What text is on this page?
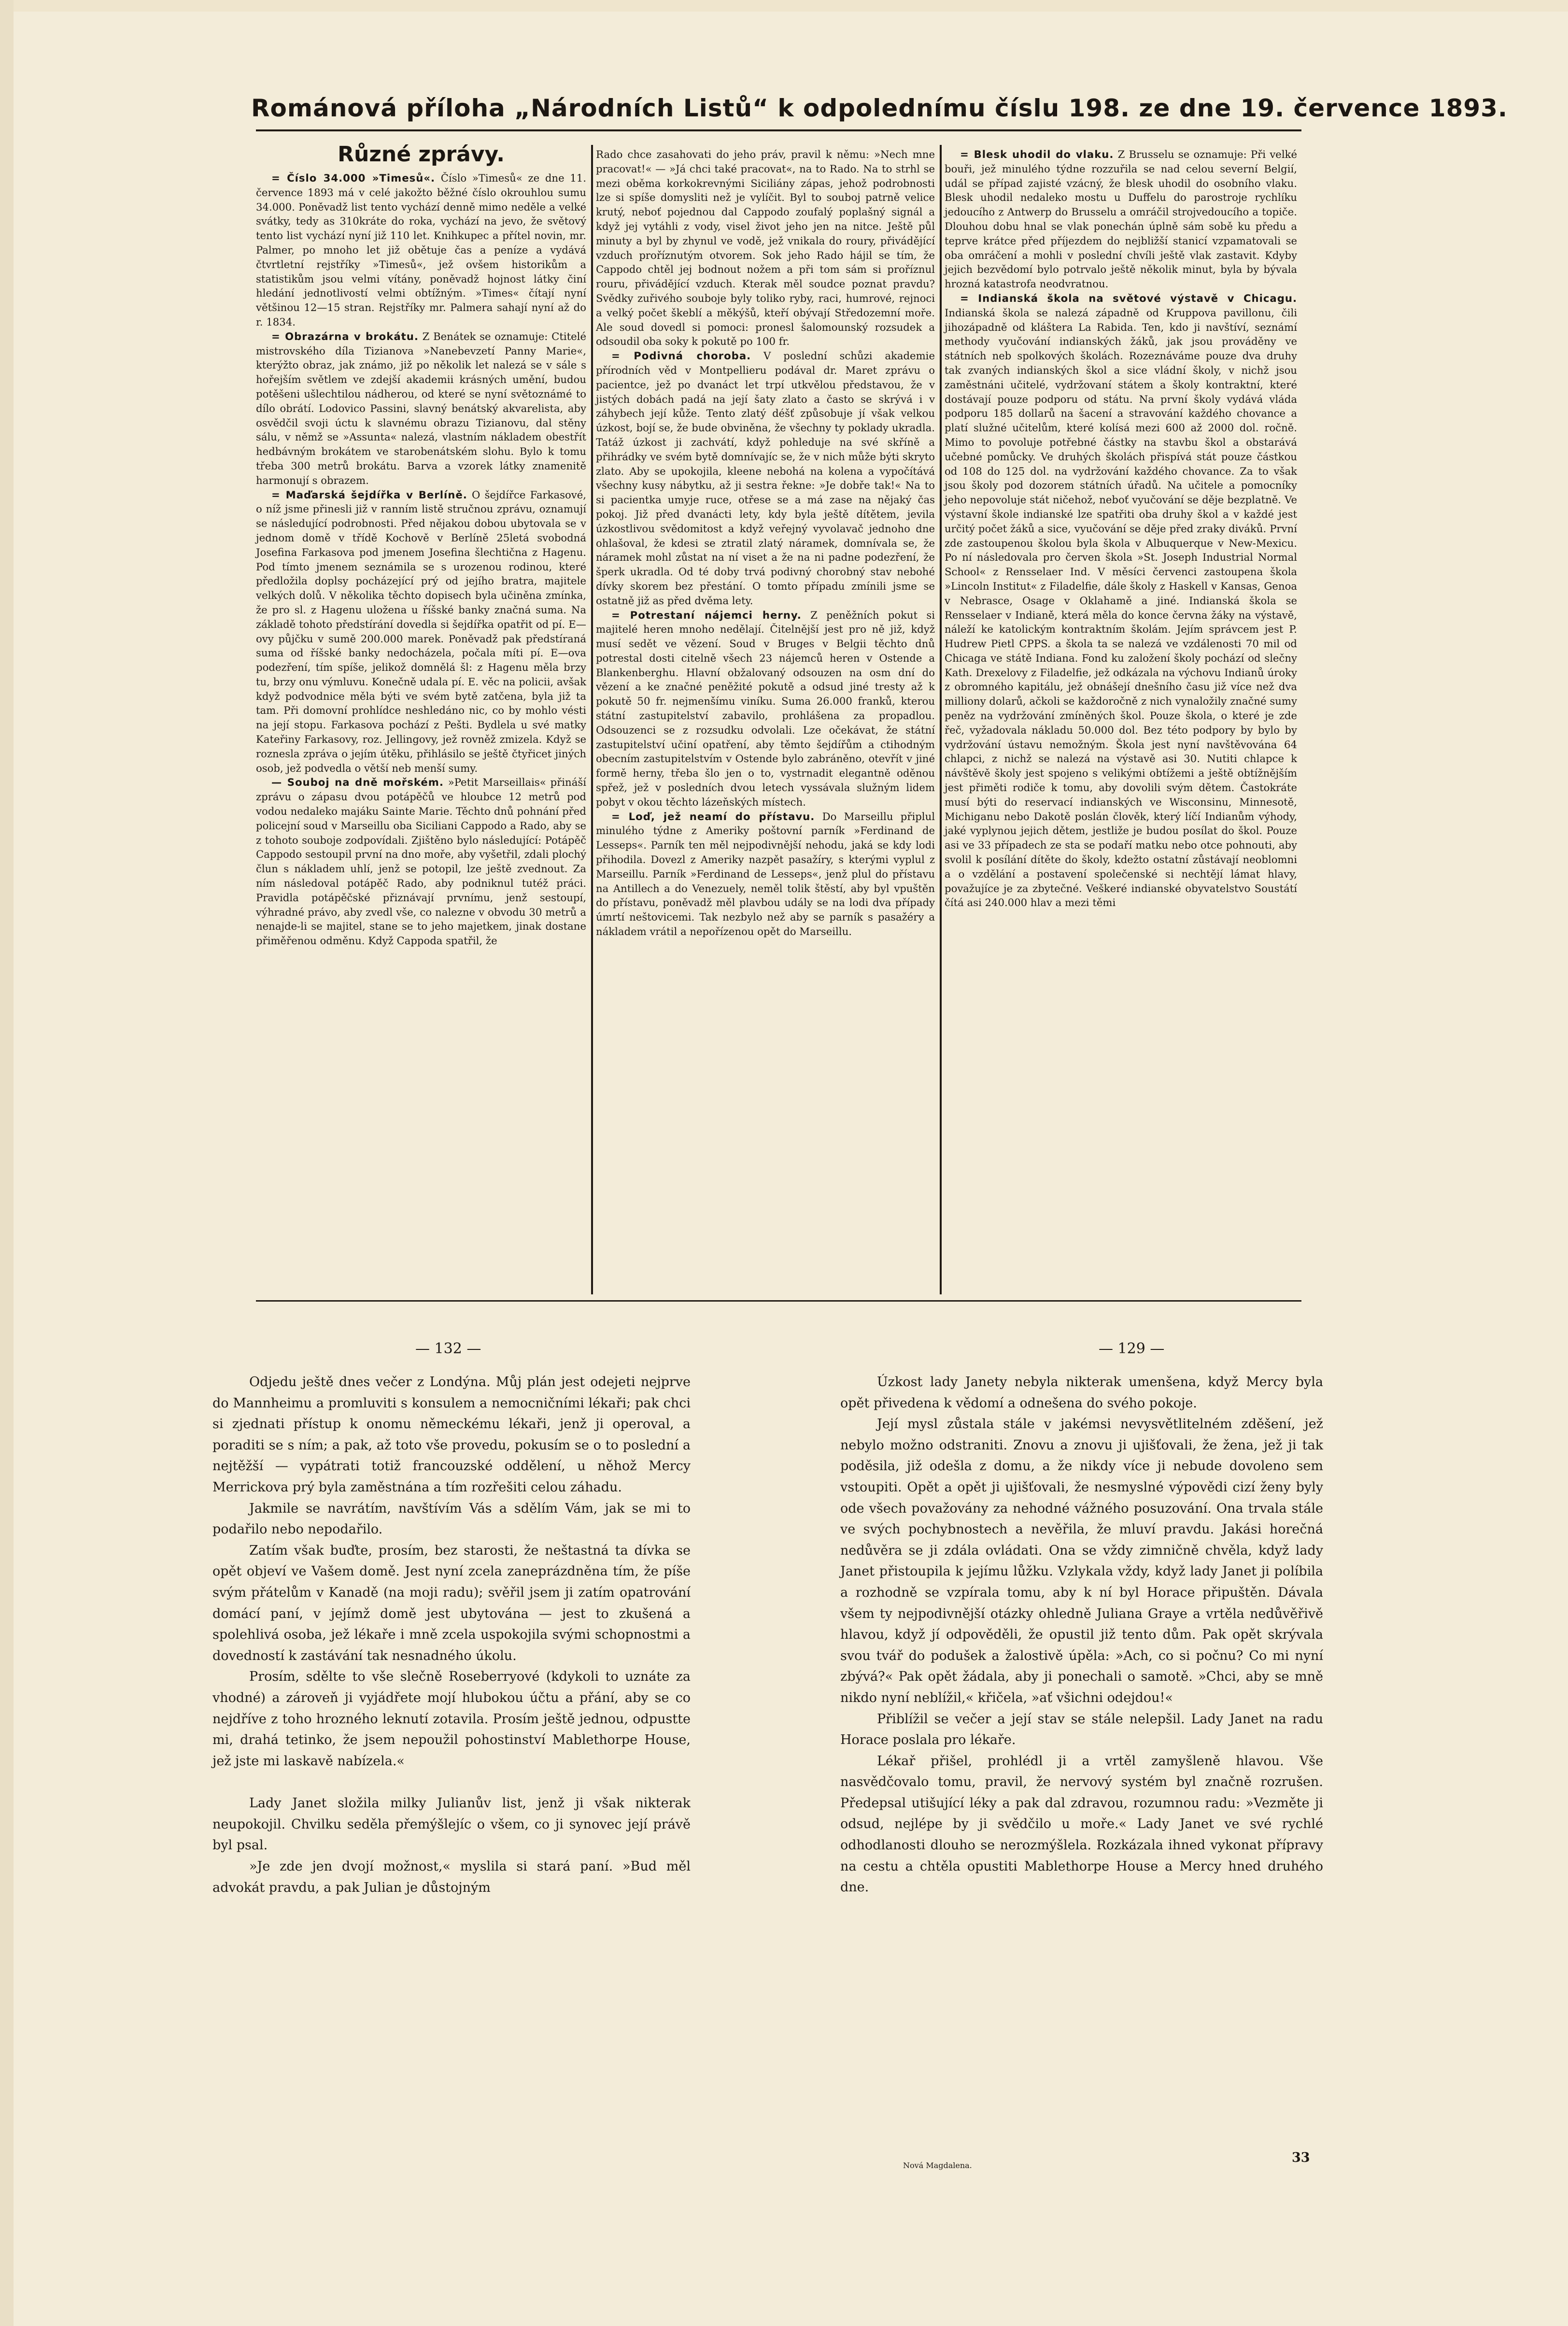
Románová příloha „Národních Listů“ k odpolednímu číslu 198. ze dne 19. července 1893.

Různé zprávy.

= Číslo 34.000 »Timesů«. Číslo »Timesů« ze dne 11. července 1893 má v celé jakožto běžné číslo okrouhlou sumu 34.000. Poněvadž list tento vychází denně mimo neděle a velké svátky, tedy as 310kráte do roka, vychází na jevo, že světový tento list vychází nyní již 110 let. Knihkupec a přítel novin, mr. Palmer, po mnoho let již obětuje čas a peníze a vydává čtvrtletní rejstříky »Timesů«, jež ovšem historikům a statistikům jsou velmi vítány, poněvadž hojnost látky činí hledání jednotlivostí velmi obtížným. »Times« čítají nyní většinou 12—15 stran. Rejstříky mr. Palmera sahají nyní až do r. 1834.

= Obrazárna v brokátu. Z Benátek se oznamuje: Ctitelé mistrovského díla Tizianova »Nanebevzetí Panny Marie«, kterýžto obraz, jak známo, již po několik let nalezá se v sále s hořejším světlem ve zdejší akademii krásných umění, budou potěšeni ušlechtilou nádherou, od které se nyní světoznámé to dílo obrátí. Lodovico Passini, slavný benátský akvarelista, aby osvědčil svoji úctu k slavnému obrazu Tizianovu, dal stěny sálu, v němž se »Assunta« nalezá, vlastním nákladem obestřít hedbávným brokátem ve starobenátském slohu. Bylo k tomu třeba 300 metrů brokátu. Barva a vzorek látky znamenitě harmonují s obrazem.

= Maďarská šejdířka v Berlíně. O šejdířce Farkasové, o níž jsme přinesli již v ranním listě stručnou zprávu, oznamují se následující podrobnosti. Před nějakou dobou ubytovala se v jednom domě v třídě Kochově v Berlíně 25letá svobodná Josefina Farkasova pod jmenem Josefina šlechtična z Hagenu. Pod tímto jmenem seznámila se s urozenou rodinou, které předložila doplsy pocházející prý od jejího bratra, majitele velkých dolů. V několika těchto dopisech byla učiněna zmínka, že pro sl. z Hagenu uložena u říšské banky značná suma. Na základě tohoto předstírání dovedla si šejdířka opatřit od pí. E—ovy půjčku v sumě 200.000 marek. Poněvadž pak předstíraná suma od říšské banky nedocházela, počala míti pí. E—ova podezření, tím spíše, jelikož domnělá šl: z Hagenu měla brzy tu, brzy onu výmluvu. Konečně udala pí. E. věc na policii, avšak když podvodnice měla býti ve svém bytě zatčena, byla již ta tam. Při domovní prohlídce neshledáno nic, co by mohlo vésti na její stopu. Farkasova pochází z Pešti. Bydlela u své matky Kateřiny Farkasovy, roz. Jellingovy, jež rovněž zmizela. Když se roznesla zpráva o jejím útěku, přihlásilo se ještě čtyřicet jiných osob, jež podvedla o větší neb menší sumy.

— Souboj na dně mořském. »Petit Marseillais« přináší zprávu o zápasu dvou potápěčů ve hloubce 12 metrů pod vodou nedaleko majáku Sainte Marie. Těchto dnů pohnání před policejní soud v Marseillu oba Siciliani Cappodo a Rado, aby se z tohoto souboje zodpovídali. Zjištěno bylo následující: Potápěč Cappodo sestoupil první na dno moře, aby vyšetřil, zdali plochý člun s nákladem uhlí, jenž se potopil, lze ještě zvednout. Za ním následoval potápěč Rado, aby podniknul tutéž práci. Pravidla potápěčské přiznávají prvnímu, jenž sestoupí, výhradné právo, aby zvedl vše, co nalezne v obvodu 30 metrů a nenajde-li se majitel, stane se to jeho majetkem, jinak dostane přiměřenou odměnu. Když Cappoda spatřil, že

Rado chce zasahovati do jeho práv, pravil k němu: »Nech mne pracovat!« — »Já chci také pracovat«, na to Rado. Na to strhl se mezi oběma korkokrevnými Siciliány zápas, jehož podrobnosti lze si spíše domysliti než je vylíčit. Byl to souboj patrně velice krutý, neboť pojednou dal Cappodo zoufalý poplašný signál a když jej vytáhli z vody, visel život jeho jen na nitce. Ještě půl minuty a byl by zhynul ve vodě, jež vnikala do roury, přivádějící vzduch proříznutým otvorem. Sok jeho Rado hájil se tím, že Cappodo chtěl jej bodnout nožem a při tom sám si proříznul rouru, přivádějící vzduch. Kterak měl soudce poznat pravdu? Svědky zuřivého souboje byly toliko ryby, raci, humrové, rejnoci a velký počet škeblí a měkýšů, kteří obývají Středozemní moře. Ale soud dovedl si pomoci: pronesl šalomounský rozsudek a odsoudil oba soky k pokutě po 100 fr.

= Podivná choroba. V poslední schůzi akademie přírodních věd v Montpellieru podával dr. Maret zprávu o pacientce, jež po dvanáct let trpí utkvělou představou, že v jistých dobách padá na její šaty zlato a často se skrývá i v záhybech její kůže. Tento zlatý déšť způsobuje jí však velkou úzkost, bojí se, že bude obviněna, že všechny ty poklady ukradla. Tatáž úzkost ji zachvátí, když pohleduje na své skříně a přihrádky ve svém bytě domnívajíc se, že v nich může býti skryto zlato. Aby se upokojila, kleene nebohá na kolena a vypočítává všechny kusy nábytku, až ji sestra řekne: »Je dobře tak!« Na to si pacientka umyje ruce, otřese se a má zase na nějaký čas pokoj. Již před dvanácti lety, kdy byla ještě dítětem, jevila úzkostlivou svědomitost a když veřejný vyvolavač jednoho dne ohlašoval, že kdesi se ztratil zlatý náramek, domnívala se, že náramek mohl zůstat na ní viset a že na ni padne podezření, že šperk ukradla. Od té doby trvá podivný chorobný stav nebohé dívky skorem bez přestání. O tomto případu zmínili jsme se ostatně již as před dvěma lety.

= Potrestaní nájemci herny. Z peněžních pokut si majitelé heren mnoho nedělají. Čitelnější jest pro ně již, když musí sedět ve vězení. Soud v Bruges v Belgii těchto dnů potrestal dosti citelně všech 23 nájemců heren v Ostende a Blankenberghu. Hlavní obžalovaný odsouzen na osm dní do vězení a ke značné peněžité pokutě a odsud jiné tresty až k pokutě 50 fr. nejmenšímu viníku. Suma 26.000 franků, kterou státní zastupitelství zabavilo, prohlášena za propadlou. Odsouzenci se z rozsudku odvolali. Lze očekávat, že státní zastupitelství učiní opatření, aby těmto šejdířům a ctihodným obecním zastupitelstvím v Ostende bylo zabráněno, otevřít v jiné formě herny, třeba šlo jen o to, vystrnadit elegantně oděnou spřež, jež v posledních dvou letech vyssávala služným lidem pobyt v okou těchto lázeňských místech.

= Loď, jež neamí do přístavu. Do Marseillu připlul minulého týdne z Ameriky poštovní parník »Ferdinand de Lesseps«. Parník ten měl nejpodivnější nehodu, jaká se kdy lodi přihodila. Dovezl z Ameriky nazpět pasažíry, s kterými vyplul z Marseillu. Parník »Ferdinand de Lesseps«, jenž plul do přístavu na Antillech a do Venezuely, neměl tolik štěstí, aby byl vpuštěn do přístavu, poněvadž měl plavbou udály se na lodi dva případy úmrtí neštovicemi. Tak nezbylo než aby se parník s pasažéry a nákladem vrátil a nepořízenou opět do Marseillu.

= Blesk uhodil do vlaku. Z Brusselu se oznamuje: Při velké bouři, jež minulého týdne rozzuřila se nad celou severní Belgií, udál se případ zajisté vzácný, že blesk uhodil do osobního vlaku. Blesk uhodil nedaleko mostu u Duffelu do parostroje rychlíku jedoucího z Antwerp do Brusselu a omráčil strojvedoucího a topiče. Dlouhou dobu hnal se vlak ponechán úplně sám sobě ku předu a teprve krátce před příjezdem do nejbližší stanicí vzpamatovali se oba omráčení a mohli v poslední chvíli ještě vlak zastavit. Kdyby jejich bezvědomí bylo potrvalo ještě několik minut, byla by bývala hrozná katastrofa neodvratnou.

= Indianská škola na světové výstavě v Chicagu. Indianská škola se nalezá západně od Kruppova pavillonu, čili jihozápadně od klášterа La Rabida. Ten, kdo ji navštíví, seznámí methody vyučování indianských žáků, jak jsou prováděny ve státních neb spolkových školách. Rozeznáváme pouze dva druhy tak zvaných indianských škol a sice vládní školy, v nichž jsou zaměstnáni učitelé, vydržovaní státem a školy kontraktní, které dostávají pouze podporu od státu. Na první školy vydává vláda podporu 185 dollarů na šacení a stravování každého chovance a platí služné učitelům, které kolísá mezi 600 až 2000 dol. ročně. Mimo to povoluje potřebné částky na stavbu škol a obstarává učebné pomůcky. Ve druhých školách přispívá stát pouze částkou od 108 do 125 dol. na vydržování každého chovance. Za to však jsou školy pod dozorem státních úřadů. Na učitele a pomocníky jeho nepovoluje stát ničehož, neboť vyučování se děje bezplatně. Ve výstavní škole indianské lze spatřiti oba druhy škol a v každé jest určitý počet žáků a sice, vyučování se děje před zraky diváků. První zde zastoupenou školou byla škola v Albuquerque v New-Mexicu. Po ní následovala pro červen škola »St. Joseph Industrial Normal School« z Rensselaer Ind. V měsíci červenci zastoupena škola »Lincoln Institut« z Filadelfie, dále školy z Haskell v Kansas, Genoa v Nebrasce, Osage v Oklahamě a jiné. Indianská škola se Rensselaer v Indianě, která měla do konce června žáky na výstavě, náleží ke katolickým kontraktním školám. Jejím správcem jest P. Hudrew Pietl CPPS. a škola ta se nalezá ve vzdálenosti 70 mil od Chicaga ve státě Indiana. Fond ku založení školy pochází od slečny Kath. Drexelovy z Filadelfie, jež odkázala na výchovu Indianů úroky z obromného kapitálu, jež obnášejí dnešního času již více než dva milliony dolarů, ačkoli se každoročně z nich vynaložily značné sumy peněz na vydržování zmíněných škol. Pouze škola, o které je zde řeč, vyžadovala nákladu 50.000 dol. Bez této podpory by bylo by vydržování ústavu nemožným. Škola jest nyní navštěvována 64 chlapci, z nichž se nalezá na výstavě asi 30. Nutiti chlapce k návštěvě školy jest spojeno s velikými obtížemi a ještě obtížnějším jest přiměti rodiče k tomu, aby dovolili svým dětem. Častokráte musí býti do reservací indianských ve Wisconsinu, Minnesotě, Michiganu nebo Dakotě poslán člověk, který líčí Indianům výhody, jaké vyplynou jejich dětem, jestliže je budou posílat do škol. Pouze asi ve 33 případech ze sta se podaří matku nebo otce pohnouti, aby svolil k posílání dítěte do školy, kdežto ostatní zůstávají neoblomni a o vzdělání a postavení společenské si nechtějí lámat hlavy, považujíce je za zbytečné. Veškeré indianské obyvatelstvo Soustátí čítá asi 240.000 hlav a mezi těmi

— 132 —	— 129 —

Odjedu ještě dnes večer z Londýna. Můj plán jest odejeti nejprve do Mannheimu a promluviti s konsulem a nemocničními lékaři; pak chci si zjednati přístup k onomu německému lékaři, jenž ji operoval, a poraditi se s ním; a pak, až toto vše provedu, pokusím se o to poslední a nejtěžší — vypátrati totiž francouzské oddělení, u něhož Mercy Merrickova prý byla zaměstnána a tím rozřešiti celou záhadu.

Jakmile se navrátím, navštívím Vás a sdělím Vám, jak se mi to podařilo nebo nepodařilo.

Zatím však buďte, prosím, bez starosti, že neštastná ta dívka se opět objeví ve Vašem domě. Jest nyní zcela zaneprázdněna tím, že píše svým přátelům v Kanadě (na moji radu); svěřil jsem ji zatím opatrování domácí paní, v jejímž domě jest ubytována — jest to zkušená a spolehlivá osoba, jež lékaře i mně zcela uspokojila svými schopnostmi a dovedností k zastávání tak nesnadného úkolu.

Prosím, sdělte to vše slečně Roseberryové (kdykoli to uznáte za vhodné) a zároveň ji vyjádřete mojí hlubokou účtu a přání, aby se co nejdříve z toho hrozného leknutí zotavila. Prosím ještě jednou, odpustte mi, drahá tetinko, že jsem nepoužil pohostinství Mablethorpe House, jež jste mi laskavě nabízela.«

Lady Janet složila milky Julianův list, jenž ji však nikterak neupokojil. Chvilku seděla přemýšlejíc o všem, co ji synovec její právě byl psal.

»Je zde jen dvojí možnost,« myslila si stará paní. »Bud měl advokát pravdu, a pak Julian je důstojným

Úzkost lady Janety nebyla nikterak umenšena, když Mercy byla opět přivedena k vědomí a odnešena do svého pokoje.

Její mysl zůstala stále v jakémsi nevysvětlitelném zděšení, jež nebylo možno odstraniti. Znovu a znovu ji ujišťovali, že žena, jež ji tak poděsila, již odešla z domu, a že nikdy více ji nebude dovoleno sem vstoupiti. Opět a opět ji ujišťovali, že nesmyslné výpovědi cizí ženy byly ode všech považovány za nehodné vážného posuzování. Ona trvala stále ve svých pochybnostech a nevěřila, že mluví pravdu. Jakási horečná nedůvěra se ji zdála ovládati. Ona se vždy zimničně chvěla, když lady Janet přistoupila k jejímu lůžku. Vzlykala vždy, když lady Janet ji políbila a rozhodně se vzpírala tomu, aby k ní byl Horace připuštěn. Dávala všem ty nejpodivnější otázky ohledně Juliana Graye a vrtěla nedůvěřivě hlavou, když jí odpověděli, že opustil již tento dům. Pak opět skrývala svou tvář do podušek a žalostivě úpěla: »Ach, co si počnu? Co mi nyní zbývá?« Pak opět žádala, aby ji ponechali o samotě. »Chci, aby se mně nikdo nyní neblížil,« křičela, »ať všichni odejdou!«

Přiblížil se večer a její stav se stále nelepšil. Lady Janet na radu Horace poslala pro lékaře.

Lékař přišel, prohlédl ji a vrtěl zamyšleně hlavou. Vše nasvědčovalo tomu, pravil, že nervový systém byl značně rozrušen. Předepsal utišující léky a pak dal zdravou, rozumnou radu: »Vezměte ji odsud, nejlépe by ji svědčilo u moře.« Lady Janet ve své rychlé odhodlanosti dlouho se nerozmýšlela. Rozkázala ihned vykonat přípravy na cestu a chtěla opustiti Mablethorpe House a Mercy hned druhého dne.

Nová Magdalena.
33
